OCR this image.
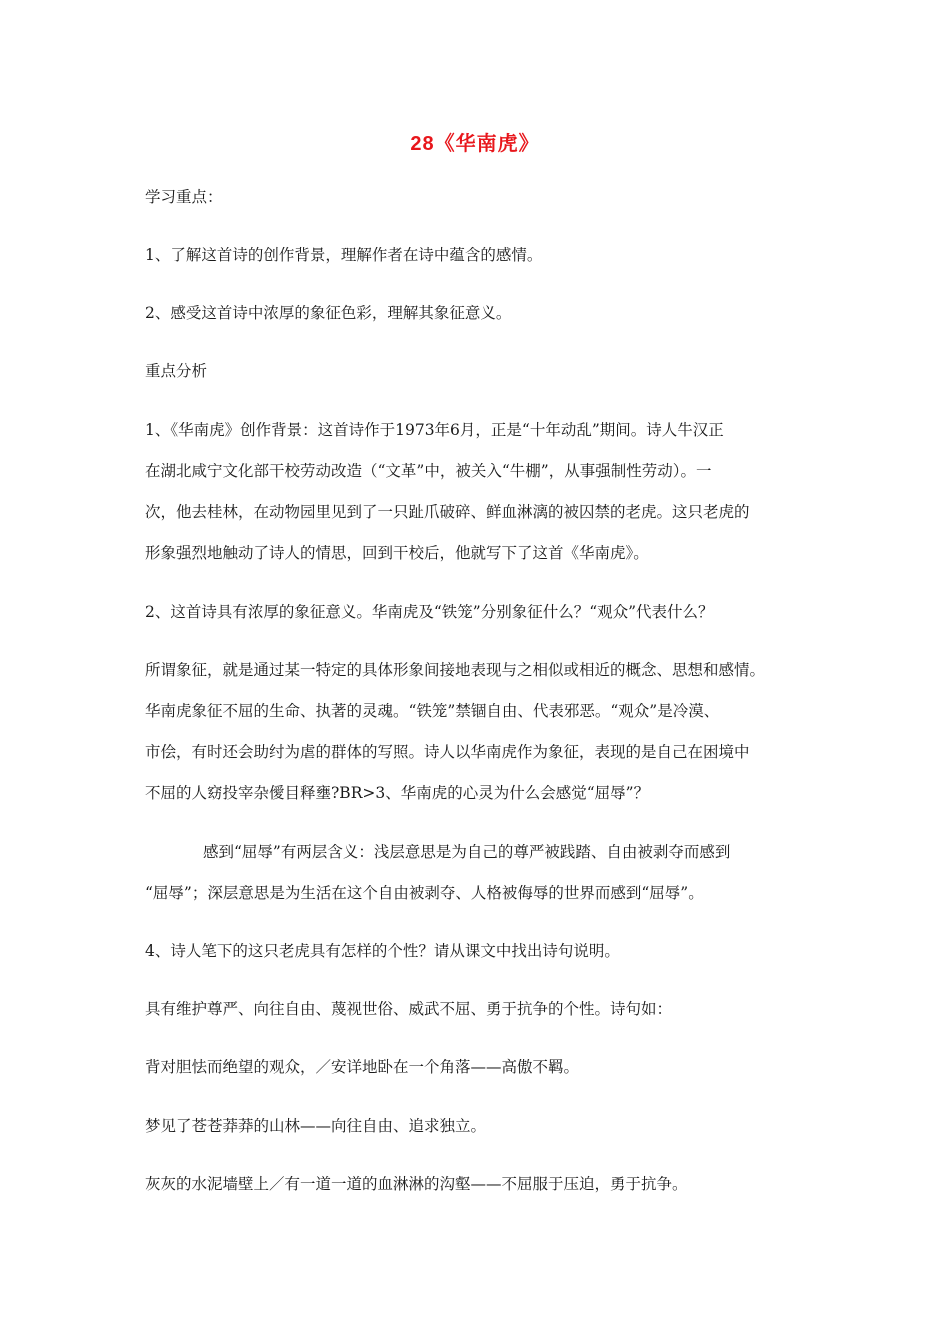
28《华南虎》
学习重点：
1、了解这首诗的创作背景，理解作者在诗中蕴含的感情。
2、感受这首诗中浓厚的象征色彩，理解其象征意义。
重点分析
1、《华南虎》创作背景：这首诗作于1973年6月，正是“十年动乱”期间。诗人牛汉正
在湖北咸宁文化部干校劳动改造（“文革”中，被关入“牛棚”，从事强制性劳动）。一
次，他去桂林，在动物园里见到了一只趾爪破碎、鲜血淋漓的被囚禁的老虎。这只老虎的
形象强烈地触动了诗人的情思，回到干校后，他就写下了这首《华南虎》。
2、这首诗具有浓厚的象征意义。华南虎及“铁笼”分别象征什么？“观众”代表什么？
所谓象征，就是通过某一特定的具体形象间接地表现与之相似或相近的概念、思想和感情。
华南虎象征不屈的生命、执著的灵魂。“铁笼”禁锢自由、代表邪恶。“观众”是冷漠、
市侩，有时还会助纣为虐的群体的写照。诗人以华南虎作为象征，表现的是自己在困境中
不屈的人窈投宰杂僾目释壅?BR>3、华南虎的心灵为什么会感觉“屈辱”？
感到“屈辱”有两层含义：浅层意思是为自己的尊严被践踏、自由被剥夺而感到
“屈辱”；深层意思是为生活在这个自由被剥夺、人格被侮辱的世界而感到“屈辱”。
4、诗人笔下的这只老虎具有怎样的个性？请从课文中找出诗句说明。
具有维护尊严、向往自由、蔑视世俗、威武不屈、勇于抗争的个性。诗句如：
背对胆怯而绝望的观众，／安详地卧在一个角落——高傲不羁。
梦见了苍苍莽莽的山林——向往自由、追求独立。
灰灰的水泥墙壁上／有一道一道的血淋淋的沟壑——不屈服于压迫，勇于抗争。
